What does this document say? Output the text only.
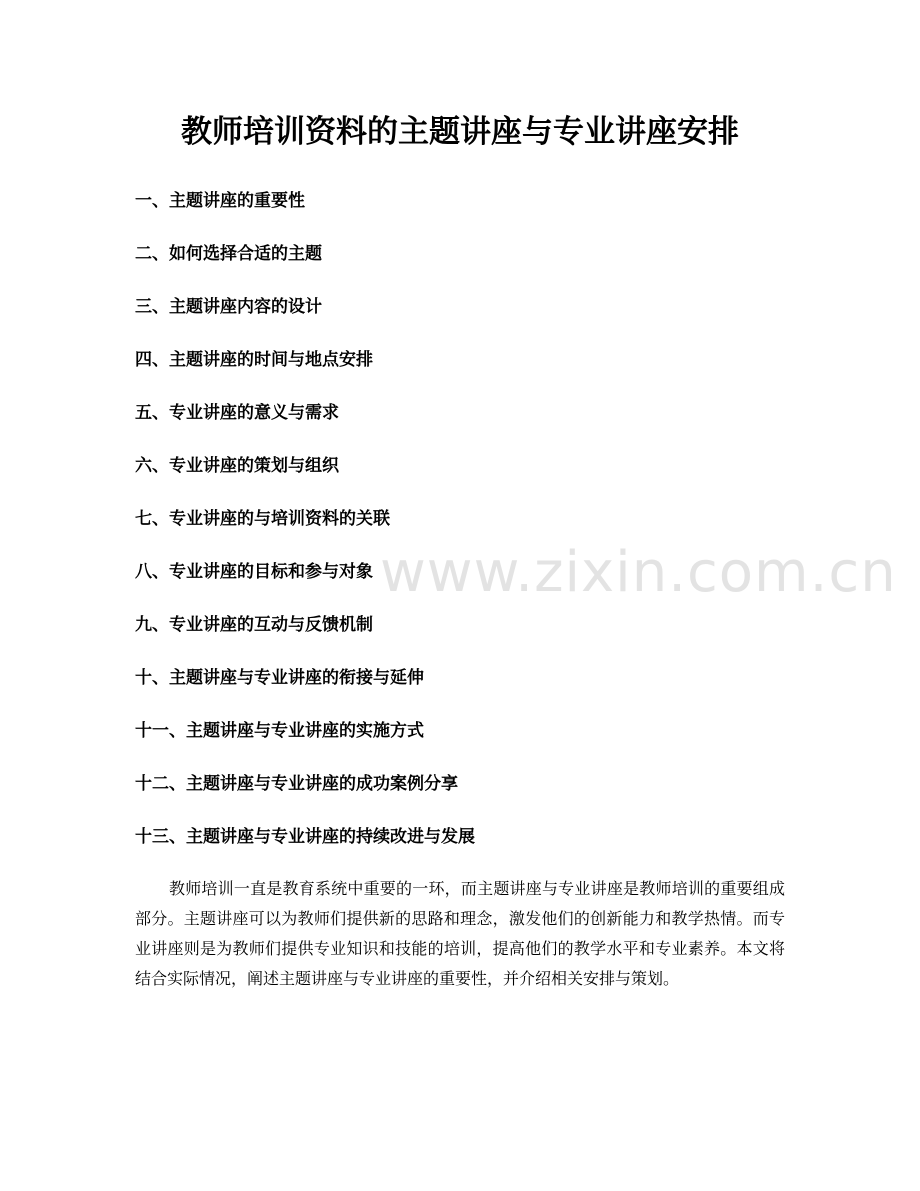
www.zixin.com.cn
教师培训资料的主题讲座与专业讲座安排
一、主题讲座的重要性
二、如何选择合适的主题
三、主题讲座内容的设计
四、主题讲座的时间与地点安排
五、专业讲座的意义与需求
六、专业讲座的策划与组织
七、专业讲座的与培训资料的关联
八、专业讲座的目标和参与对象
九、专业讲座的互动与反馈机制
十、主题讲座与专业讲座的衔接与延伸
十一、主题讲座与专业讲座的实施方式
十二、主题讲座与专业讲座的成功案例分享
十三、主题讲座与专业讲座的持续改进与发展

教师培训一直是教育系统中重要的一环，而主题讲座与专业讲座是教师培训的重要组成部分。主题讲座可以为教师们提供新的思路和理念，激发他们的创新能力和教学热情。而专业讲座则是为教师们提供专业知识和技能的培训，提高他们的教学水平和专业素养。本文将结合实际情况，阐述主题讲座与专业讲座的重要性，并介绍相关安排与策划。
